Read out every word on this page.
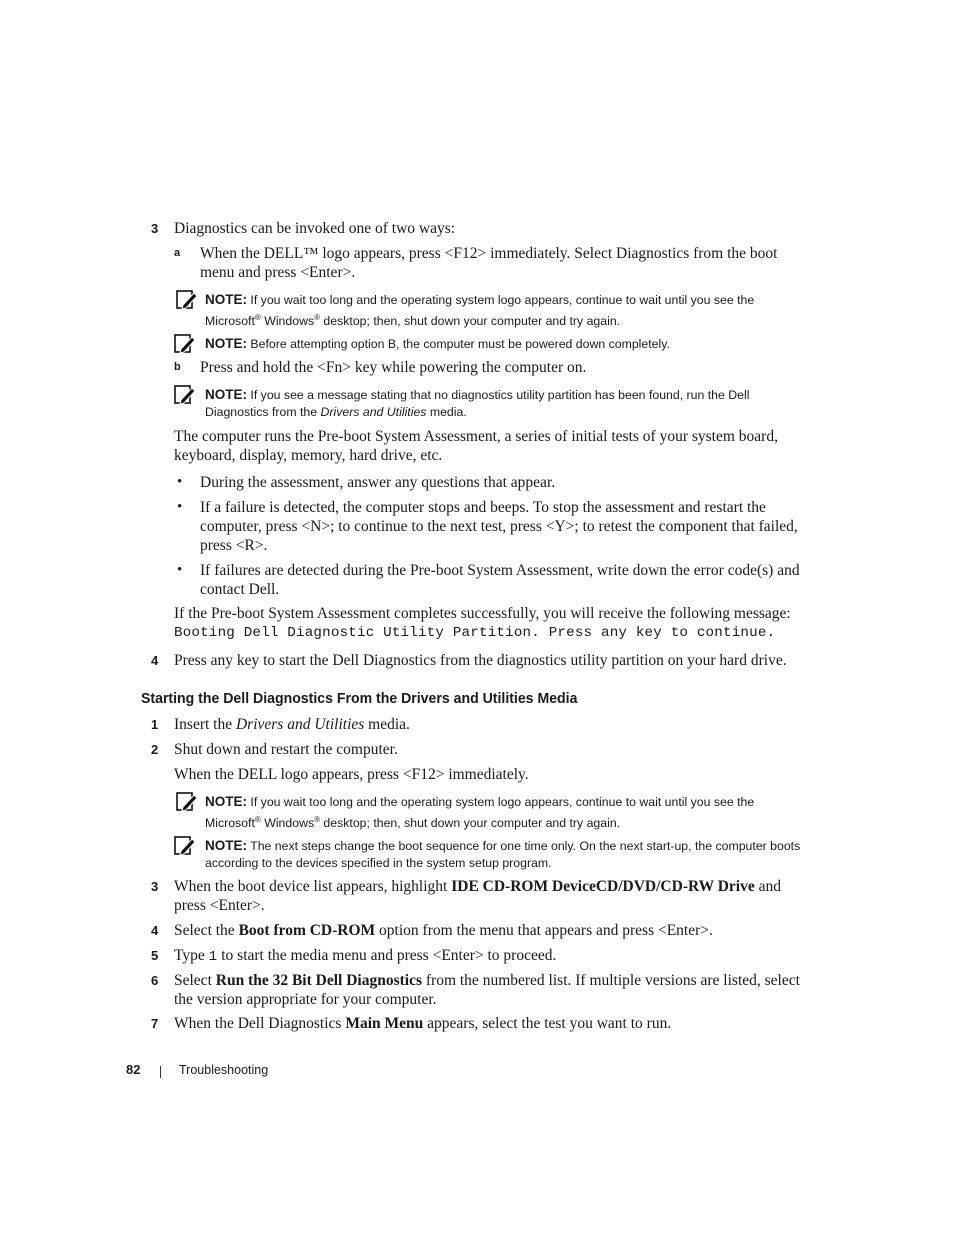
3 Diagnostics can be invoked one of two ways:
a When the DELL™ logo appears, press <F12> immediately. Select Diagnostics from the boot menu and press <Enter>.
NOTE: If you wait too long and the operating system logo appears, continue to wait until you see the
Microsoft® Windows® desktop; then, shut down your computer and try again.
NOTE: Before attempting option B, the computer must be powered down completely.
b Press and hold the <Fn> key while powering the computer on.
NOTE: If you see a message stating that no diagnostics utility partition has been found, run the Dell Diagnostics from the Drivers and Utilities media.
The computer runs the Pre-boot System Assessment, a series of initial tests of your system board, keyboard, display, memory, hard drive, etc.
• During the assessment, answer any questions that appear.
• If a failure is detected, the computer stops and beeps. To stop the assessment and restart the computer, press <N>; to continue to the next test, press <Y>; to retest the component that failed, press <R>.
• If failures are detected during the Pre-boot System Assessment, write down the error code(s) and contact Dell.
If the Pre-boot System Assessment completes successfully, you will receive the following message:
Booting Dell Diagnostic Utility Partition. Press any key to continue.
4 Press any key to start the Dell Diagnostics from the diagnostics utility partition on your hard drive.
Starting the Dell Diagnostics From the Drivers and Utilities Media
1 Insert the Drivers and Utilities media.
2 Shut down and restart the computer.
When the DELL logo appears, press <F12> immediately.
NOTE: If you wait too long and the operating system logo appears, continue to wait until you see the
Microsoft® Windows® desktop; then, shut down your computer and try again.
NOTE: The next steps change the boot sequence for one time only. On the next start-up, the computer boots according to the devices specified in the system setup program.
3 When the boot device list appears, highlight IDE CD-ROM DeviceCD/DVD/CD-RW Drive and press <Enter>.
4 Select the Boot from CD-ROM option from the menu that appears and press <Enter>.
5 Type 1 to start the media menu and press <Enter> to proceed.
6 Select Run the 32 Bit Dell Diagnostics from the numbered list. If multiple versions are listed, select the version appropriate for your computer.
7 When the Dell Diagnostics Main Menu appears, select the test you want to run.
82	Troubleshooting
